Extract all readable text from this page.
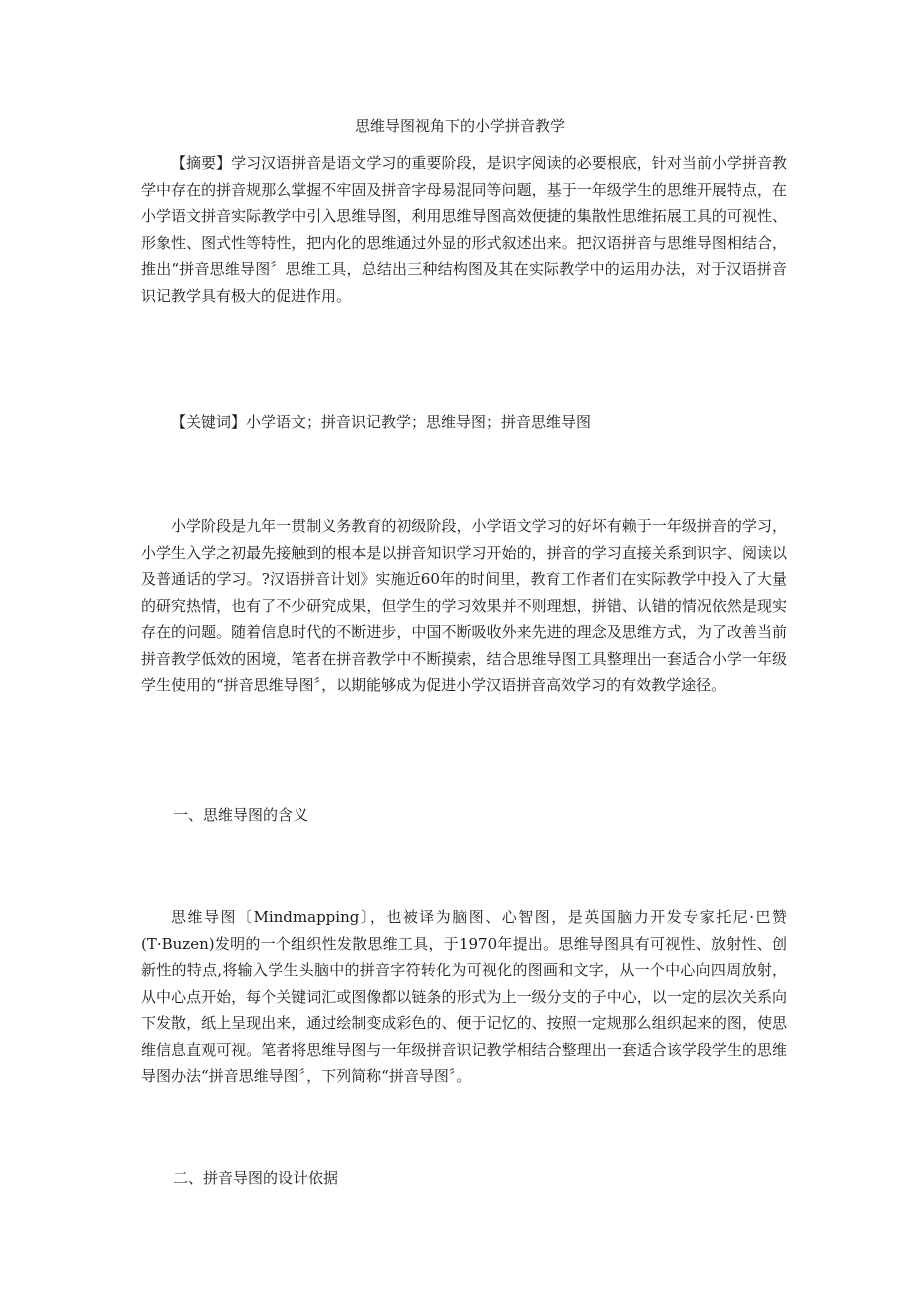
思维导图视角下的小学拼音教学

【摘要】学习汉语拼音是语文学习的重要阶段，是识字阅读的必要根底，针对当前小学拼音教学中存在的拼音规那么掌握不牢固及拼音字母易混同等问题，基于一年级学生的思维开展特点，在小学语文拼音实际教学中引入思维导图，利用思维导图高效便捷的集散性思维拓展工具的可视性、形象性、图式性等特性，把内化的思维通过外显的形式叙述出来。把汉语拼音与思维导图相结合，推出“拼音思维导图〞思维工具，总结出三种结构图及其在实际教学中的运用办法，对于汉语拼音识记教学具有极大的促进作用。

【关键词】小学语文；拼音识记教学；思维导图；拼音思维导图

小学阶段是九年一贯制义务教育的初级阶段，小学语文学习的好坏有赖于一年级拼音的学习，小学生入学之初最先接触到的根本是以拼音知识学习开始的，拼音的学习直接关系到识字、阅读以及普通话的学习。?汉语拼音计划》实施近60年的时间里，教育工作者们在实际教学中投入了大量的研究热情，也有了不少研究成果，但学生的学习效果并不则理想，拼错、认错的情况依然是现实存在的问题。随着信息时代的不断进步，中国不断吸收外来先进的理念及思维方式，为了改善当前拼音教学低效的困境，笔者在拼音教学中不断摸索，结合思维导图工具整理出一套适合小学一年级学生使用的“拼音思维导图〞，以期能够成为促进小学汉语拼音高效学习的有效教学途径。

一、思维导图的含义

思维导图〔Mindmapping〕，也被译为脑图、心智图，是英国脑力开发专家托尼·巴赞(T·Buzen)发明的一个组织性发散思维工具，于1970年提出。思维导图具有可视性、放射性、创新性的特点,将输入学生头脑中的拼音字符转化为可视化的图画和文字，从一个中心向四周放射，从中心点开始，每个关键词汇或图像都以链条的形式为上一级分支的子中心，以一定的层次关系向下发散，纸上呈现出来，通过绘制变成彩色的、便于记忆的、按照一定规那么组织起来的图，使思维信息直观可视。笔者将思维导图与一年级拼音识记教学相结合整理出一套适合该学段学生的思维导图办法“拼音思维导图〞，下列简称“拼音导图〞。

二、拼音导图的设计依据
